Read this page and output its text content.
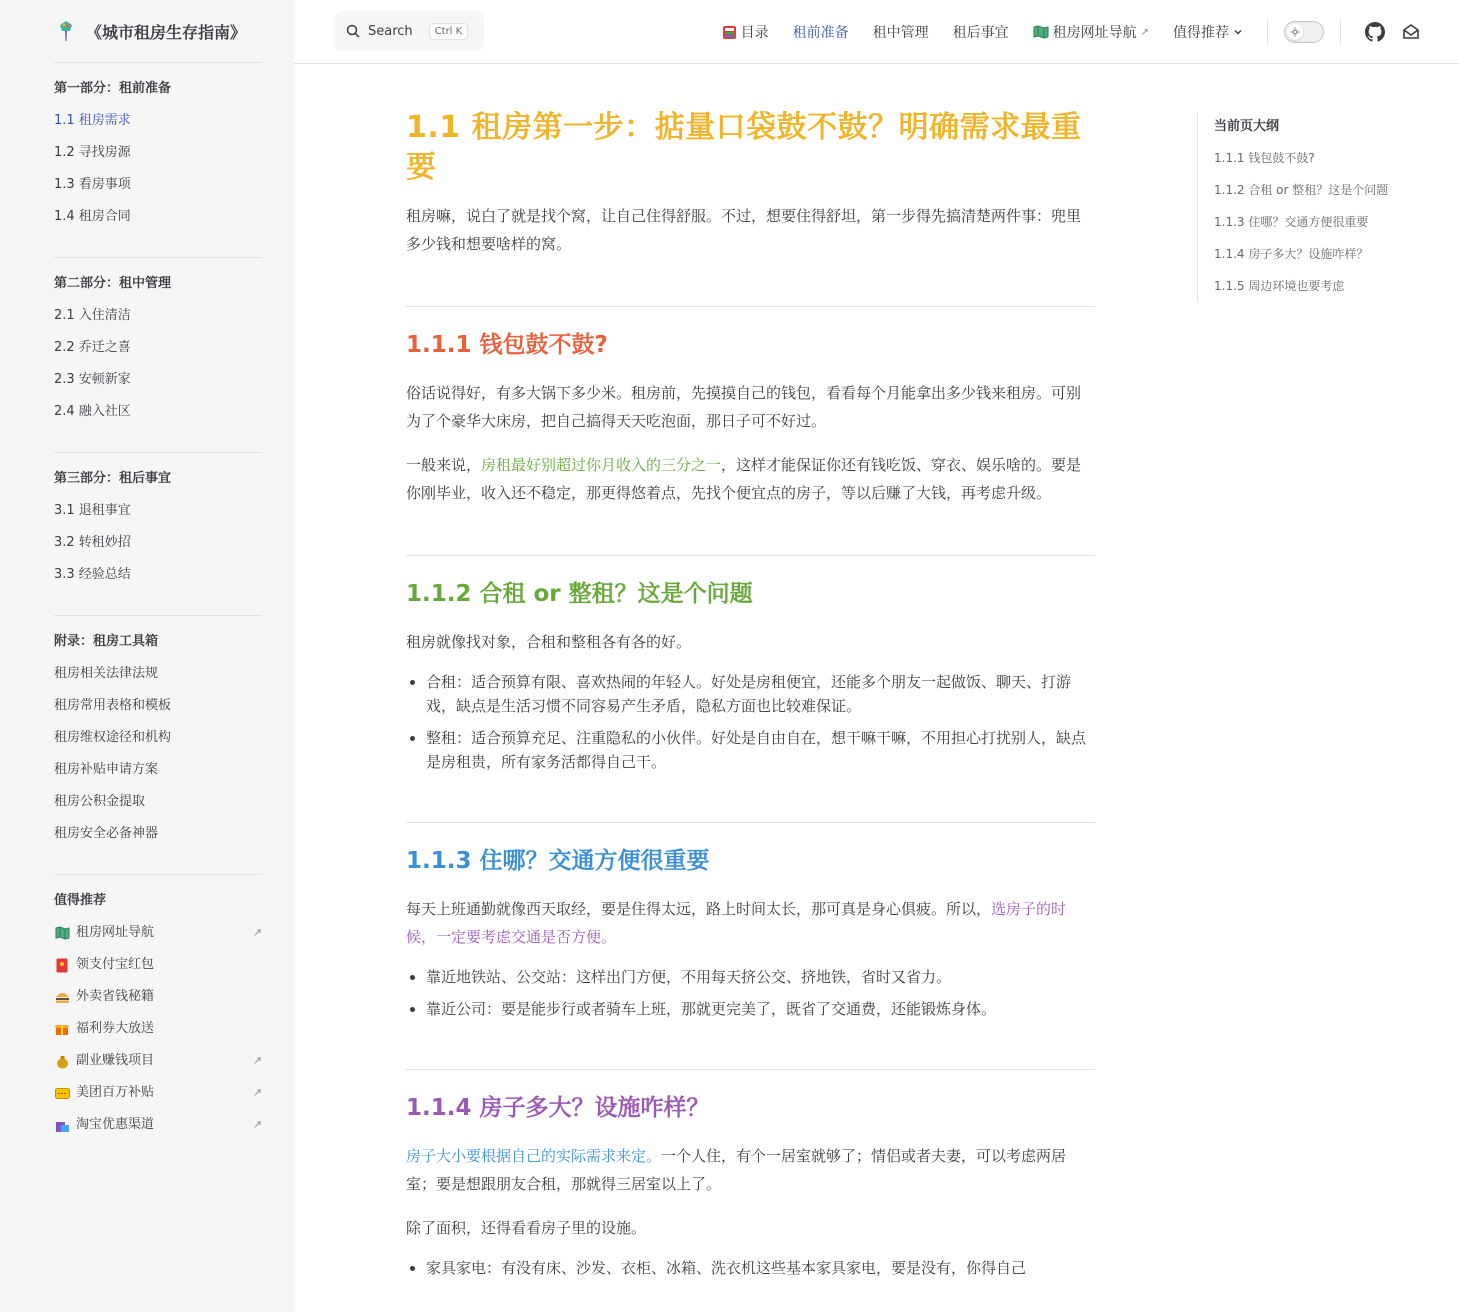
《城市租房生存指南》
第一部分：租前准备
1.1 租房需求
1.2 寻找房源
1.3 看房事项
1.4 租房合同
第二部分：租中管理
2.1 入住清洁
2.2 乔迁之喜
2.3 安顿新家
2.4 融入社区
第三部分：租后事宜
3.1 退租事宜
3.2 转租妙招
3.3 经验总结
附录：租房工具箱
租房相关法律法规
租房常用表格和模板
租房维权途径和机构
租房补贴申请方案
租房公积金提取
租房安全必备神器
值得推荐
租房网址导航	↗
领支付宝红包
外卖省钱秘籍
福利券大放送
副业赚钱项目	↗
美团百万补贴	↗
淘宝优惠渠道	↗
Search	Ctrl K	目录 租前准备 租中管理 租后事宜	租房网址导航 ↗ 值得推荐
1.1 租房第一步：掂量口袋鼓不鼓？明确需求最重要

租房嘛，说白了就是找个窝，让自己住得舒服。不过，想要住得舒坦，第一步得先搞清楚两件事：兜里多少钱和想要啥样的窝。

1.1.1 钱包鼓不鼓?

俗话说得好，有多大锅下多少米。租房前，先摸摸自己的钱包，看看每个月能拿出多少钱来租房。可别为了个豪华大床房，把自己搞得天天吃泡面，那日子可不好过。

一般来说，房租最好别超过你月收入的三分之一，这样才能保证你还有钱吃饭、穿衣、娱乐啥的。要是你刚毕业，收入还不稳定，那更得悠着点，先找个便宜点的房子，等以后赚了大钱，再考虑升级。

1.1.2 合租 or 整租？这是个问题

租房就像找对象，合租和整租各有各的好。

合租：适合预算有限、喜欢热闹的年轻人。好处是房租便宜，还能多个朋友一起做饭、聊天、打游戏，缺点是生活习惯不同容易产生矛盾，隐私方面也比较难保证。
整租：适合预算充足、注重隐私的小伙伴。好处是自由自在，想干嘛干嘛，不用担心打扰别人，缺点是房租贵，所有家务活都得自己干。
1.1.3 住哪？交通方便很重要

每天上班通勤就像西天取经，要是住得太远，路上时间太长，那可真是身心俱疲。所以，选房子的时候，一定要考虑交通是否方便。

靠近地铁站、公交站：这样出门方便，不用每天挤公交、挤地铁，省时又省力。
靠近公司：要是能步行或者骑车上班，那就更完美了，既省了交通费，还能锻炼身体。
1.1.4 房子多大？设施咋样？

房子大小要根据自己的实际需求来定。一个人住，有个一居室就够了；情侣或者夫妻，可以考虑两居室；要是想跟朋友合租，那就得三居室以上了。

除了面积，还得看看房子里的设施。

家具家电：有没有床、沙发、衣柜、冰箱、洗衣机这些基本家具家电，要是没有，你得自己
当前页大纲
1.1.1 钱包鼓不鼓?
1.1.2 合租 or 整租？这是个问题
1.1.3 住哪？交通方便很重要
1.1.4 房子多大？设施咋样？
1.1.5 周边环境也要考虑
